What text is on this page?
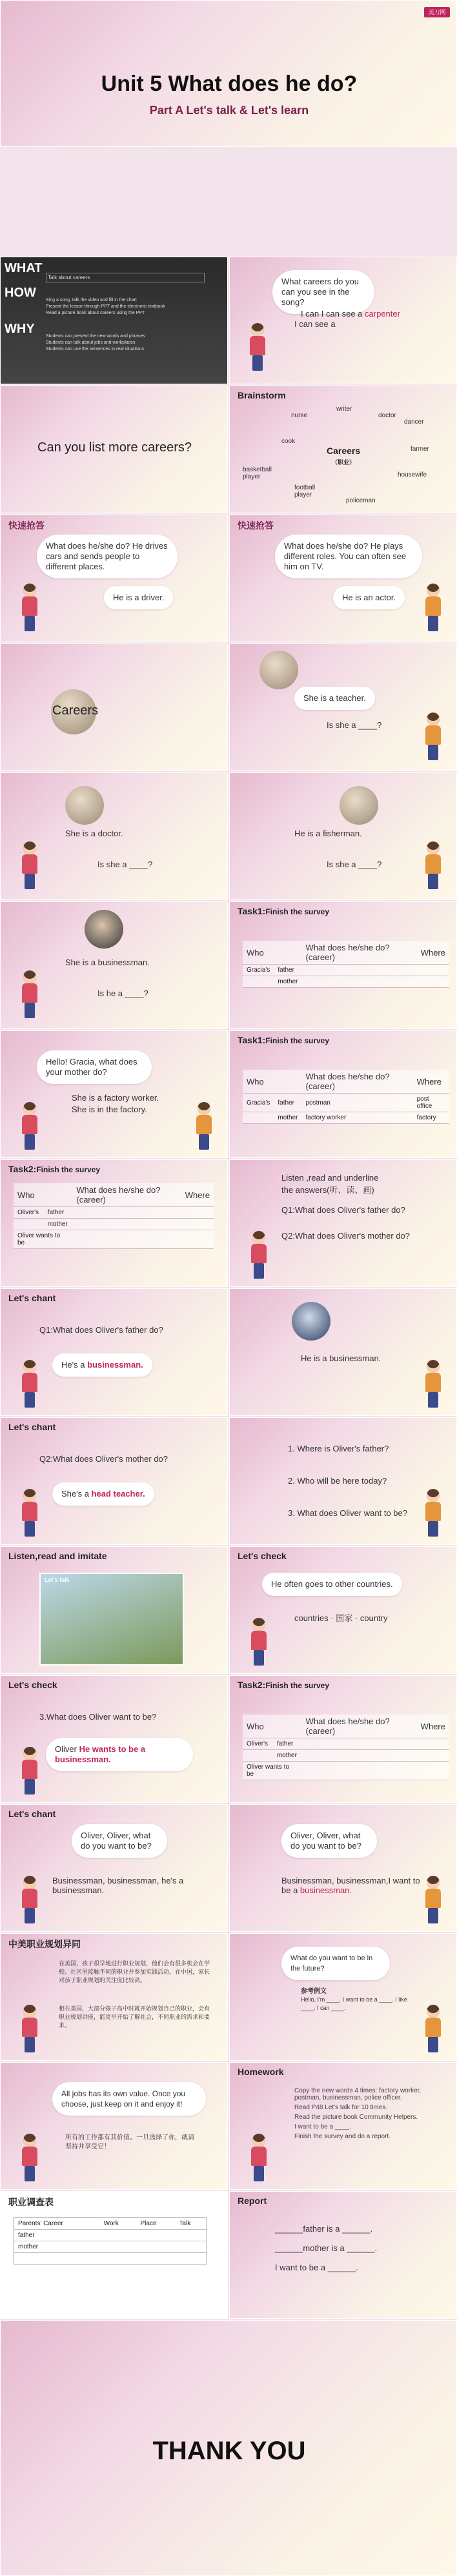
美刀网
Unit 5 What does he do?
Part A Let's talk & Let's learn
WHAT
Talk about careers
HOW
Sing a song, talk the video and fill in the chart
Present the lesson through PPT and the electronic textbook
Read a picture book about careers using the PPT
WHY
Students can present the new words and phrases
Students can talk about jobs and workplaces
Students can use the sentences in real situations
What careers do you can you see in the song?
I can I can see a carpenter
I can see a
Can you list more careers?
Brainstorm
Careers
（职业）
nurse
writer
dancer
cook
farmer
basketball player
football player
policeman
housewife
doctor
快速抢答
What does he/she do? He drives cars and sends people to different places.
He is a driver.
快速抢答
What does he/she do? He plays different roles. You can often see him on TV.
He is an actor.
Careers
She is a teacher.
Is she a ____?
She is a doctor.
Is she a ____?
He is a fisherman.
Is she a ____?
She is a businessman.
Is he a ____?
Task1:Finish the survey
Who		What does he/she do? (career)	Where
Gracia's	father		
	mother		
Hello! Gracia, what does your mother do?
She is a factory worker.
She is in the factory.
Task1:Finish the survey
Who		What does he/she do? (career)	Where
Gracia's	father	postman	post office
	mother	factory worker	factory
Task2:Finish the survey
Who		What does he/she do? (career)	Where
Oliver's	father		
	mother		
Oliver wants to be			
Listen ,read and underline
the answers(听、读、画)
Q1:What does Oliver's father do?
Q2:What does Oliver's mother do?
Let's chant
Q1:What does Oliver's father do?
He's a businessman.
He is a businessman.
Let's chant
Q2:What does Oliver's mother do?
She's a head teacher.
1. Where is Oliver's father?
2. Who will be here today?
3. What does Oliver want to be?
Listen,read and imitate
Let's talk
Let's check
He often goes to other countries.
countries · 国家 · country
Let's check
3.What does Oliver want to be?
Oliver He wants to be a businessman.
Task2:Finish the survey
Who		What does he/she do? (career)	Where
Oliver's	father		
	mother		
Oliver wants to be			
Let's chant
Oliver, Oliver, what do you want to be?
Businessman, businessman, he's a businessman.
Oliver, Oliver, what do you want to be?
Businessman, businessman,I want to be a businessman.
中美职业规划异同
在美国，孩子很早地进行职业规划，他们会有很多机会在学校、社区里接触不同的职业并参加实践活动，在中国，家长对孩子职业规划的关注度比较高。
相在美国，大部分孩子高中时就开始规划自己的职业，会有职业规划讲座，能更早开始了解社会，不同职业的需求和要求。
What do you want to be in the future?
参考例文
Hello, I'm ____. I want to be a ____. I like ____. I can ____.
All jobs has its own value. Once you choose, just keep on it and enjoy it!
所有的工作都有其价值。一旦选择了你，就请坚持并享受它！
Homework
Copy the new words 4 times: factory worker, postman, businessman, police officer.
Read P48 Let's talk for 10 times.
Read the picture book Community Helpers.
I want to be a ____.
Finish the survey and do a report.
职业调查表
Parents' Career	Work	Place	Talk
father			
mother			

Report
______father is a ______.
______mother is a ______.
I want to be a ______.
THANK YOU
